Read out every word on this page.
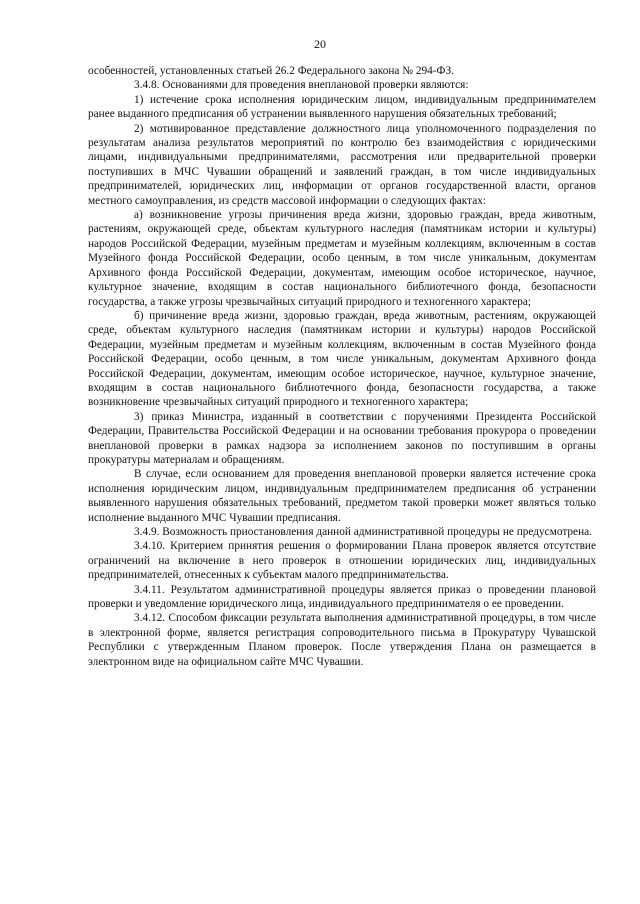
20

особенностей, установленных статьей 26.2 Федерального закона № 294-ФЗ.

3.4.8. Основаниями для проведения внеплановой проверки являются:

1) истечение срока исполнения юридическим лицом, индивидуальным предпринимателем ранее выданного предписания об устранении выявленного нарушения обязательных требований;

2) мотивированное представление должностного лица уполномоченного подразделения по результатам анализа результатов мероприятий по контролю без взаимодействия с юридическими лицами, индивидуальными предпринимателями, рассмотрения или предварительной проверки поступивших в МЧС Чувашии обращений и заявлений граждан, в том числе индивидуальных предпринимателей, юридических лиц, информации от органов государственной власти, органов местного самоуправления, из средств массовой информации о следующих фактах:

а) возникновение угрозы причинения вреда жизни, здоровью граждан, вреда животным, растениям, окружающей среде, объектам культурного наследия (памятникам истории и культуры) народов Российской Федерации, музейным предметам и музейным коллекциям, включенным в состав Музейного фонда Российской Федерации, особо ценным, в том числе уникальным, документам Архивного фонда Российской Федерации, документам, имеющим особое историческое, научное, культурное значение, входящим в состав национального библиотечного фонда, безопасности государства, а также угрозы чрезвычайных ситуаций природного и техногенного характера;

б) причинение вреда жизни, здоровью граждан, вреда животным, растениям, окружающей среде, объектам культурного наследия (памятникам истории и культуры) народов Российской Федерации, музейным предметам и музейным коллекциям, включенным в состав Музейного фонда Российской Федерации, особо ценным, в том числе уникальным, документам Архивного фонда Российской Федерации, документам, имеющим особое историческое, научное, культурное значение, входящим в состав национального библиотечного фонда, безопасности государства, а также возникновение чрезвычайных ситуаций природного и техногенного характера;

3) приказ Министра, изданный в соответствии с поручениями Президента Российской Федерации, Правительства Российской Федерации и на основании требования прокурора о проведении внеплановой проверки в рамках надзора за исполнением законов по поступившим в органы прокуратуры материалам и обращениям.

В случае, если основанием для проведения внеплановой проверки является истечение срока исполнения юридическим лицом, индивидуальным предпринимателем предписания об устранении выявленного нарушения обязательных требований, предметом такой проверки может являться только исполнение выданного МЧС Чувашии предписания.

3.4.9. Возможность приостановления данной административной процедуры не предусмотрена.

3.4.10. Критерием принятия решения о формировании Плана проверок является отсутствие ограничений на включение в него проверок в отношении юридических лиц, индивидуальных предпринимателей, отнесенных к субъектам малого предпринимательства.

3.4.11. Результатом административной процедуры является приказ о проведении плановой проверки и уведомление юридического лица, индивидуального предпринимателя о ее проведении.

3.4.12. Способом фиксации результата выполнения административной процедуры, в том числе в электронной форме, является регистрация сопроводительного письма в Прокуратуру Чувашской Республики с утвержденным Планом проверок. После утверждения Плана он размещается в электронном виде на официальном сайте МЧС Чувашии.
